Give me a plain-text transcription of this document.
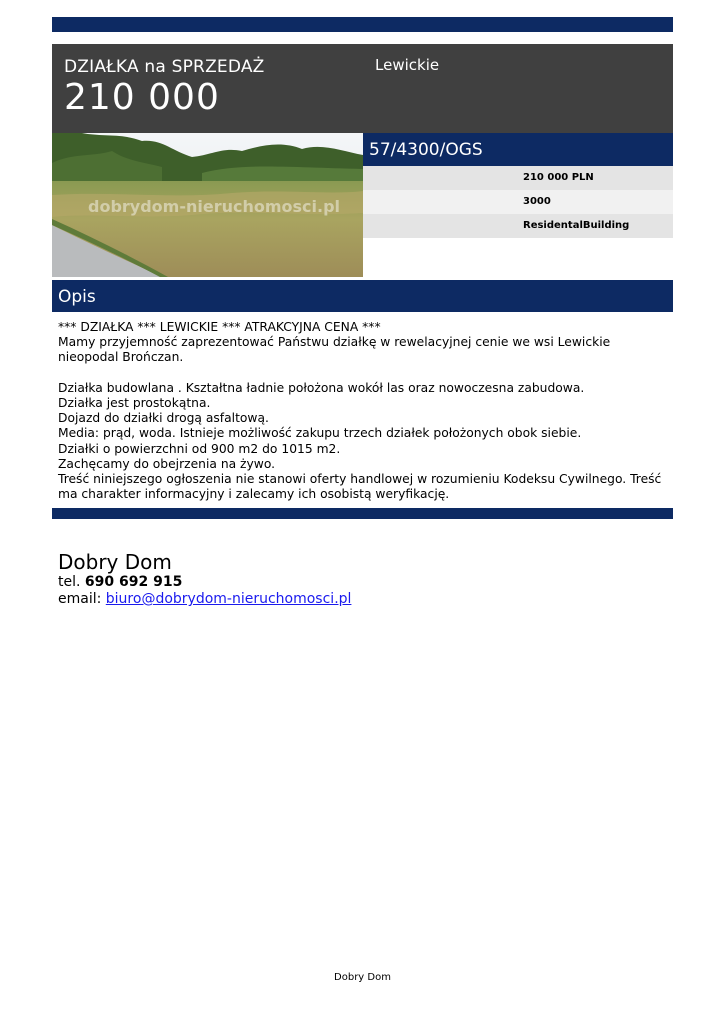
DZIAŁKA na SPRZEDAŻ
210 000
Lewickie
dobrydom-nieruchomosci.pl
57/4300/OGS
210 000 PLN
3000
ResidentalBuilding
Opis
*** DZIAŁKA *** LEWICKIE *** ATRAKCYJNA CENA ***
Mamy przyjemność zaprezentować Państwu działkę w rewelacyjnej cenie we wsi Lewickie
nieopodal Brończan.
Działka budowlana . Kształtna ładnie położona wokół las oraz nowoczesna zabudowa.
Działka jest prostokątna.
Dojazd do działki drogą asfaltową.
Media: prąd, woda. Istnieje możliwość zakupu trzech działek położonych obok siebie.
Działki o powierzchni od 900 m2 do 1015 m2.
Zachęcamy do obejrzenia na żywo.
Treść niniejszego ogłoszenia nie stanowi oferty handlowej w rozumieniu Kodeksu Cywilnego. Treść
ma charakter informacyjny i zalecamy ich osobistą weryfikację.
Dobry Dom
tel. 690 692 915
email: biuro@dobrydom-nieruchomosci.pl
Dobry Dom
